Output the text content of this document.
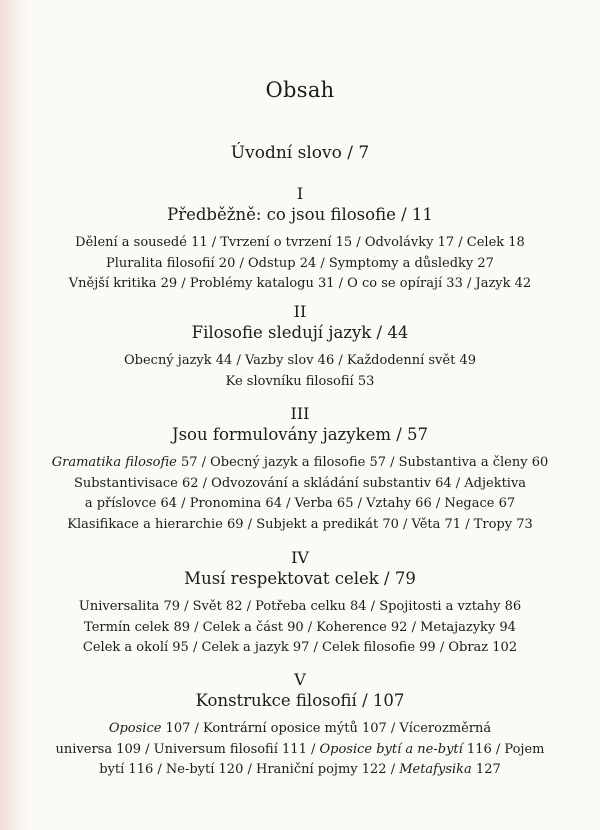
Obsah
Úvodní slovo / 7
I
Předběžně: co jsou filosofie / 11
Dělení a sousedé 11 / Tvrzení o tvrzení 15 / Odvolávky 17 / Celek 18
Pluralita filosofií 20 / Odstup 24 / Symptomy a důsledky 27
Vnější kritika 29 / Problémy katalogu 31 / O co se opírají 33 / Jazyk 42
II
Filosofie sledují jazyk / 44
Obecný jazyk 44 / Vazby slov 46 / Každodenní svět 49
Ke slovníku filosofií 53
III
Jsou formulovány jazykem / 57
Gramatika filosofie 57 / Obecný jazyk a filosofie 57 / Substantiva a členy 60
Substantivisace 62 / Odvozování a skládání substantiv 64 / Adjektiva
a příslovce 64 / Pronomina 64 / Verba 65 / Vztahy 66 / Negace 67
Klasifikace a hierarchie 69 / Subjekt a predikát 70 / Věta 71 / Tropy 73
IV
Musí respektovat celek / 79
Universalita 79 / Svět 82 / Potřeba celku 84 / Spojitosti a vztahy 86
Termín celek 89 / Celek a část 90 / Koherence 92 / Metajazyky 94
Celek a okolí 95 / Celek a jazyk 97 / Celek filosofie 99 / Obraz 102
V
Konstrukce filosofií / 107
Oposice 107 / Kontrární oposice mýtů 107 / Vícerozměrná
universa 109 / Universum filosofií 111 / Oposice bytí a ne-bytí 116 / Pojem
bytí 116 / Ne-bytí 120 / Hraniční pojmy 122 / Metafysika 127
